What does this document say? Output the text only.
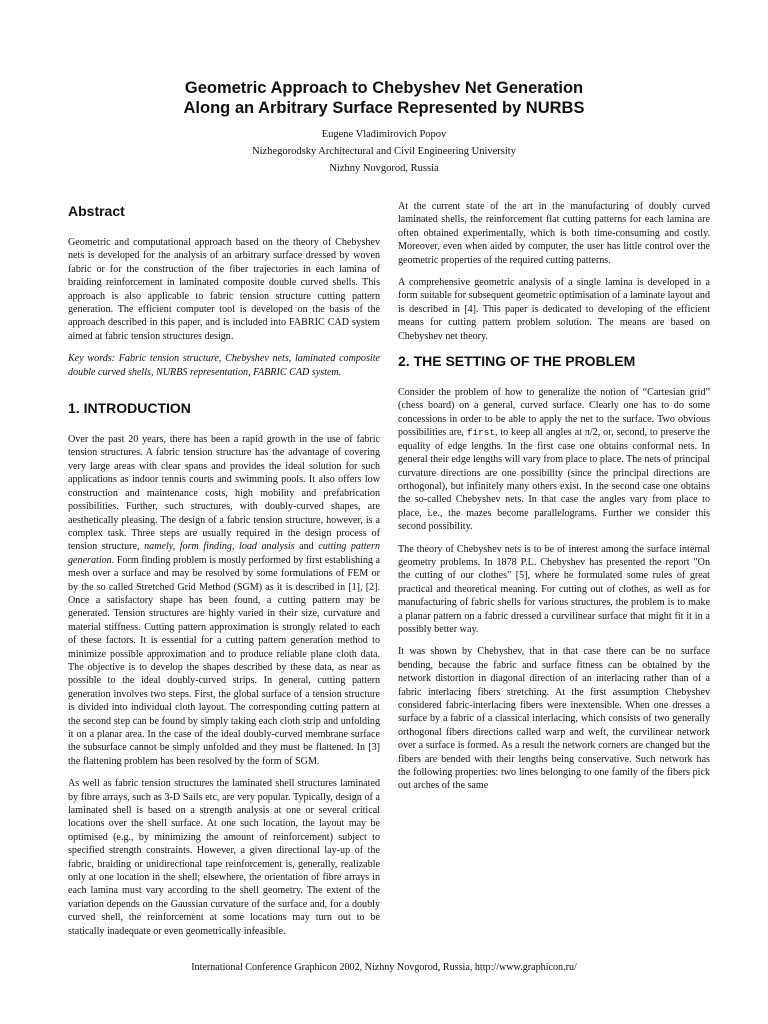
Geometric Approach to Chebyshev Net Generation
Along an Arbitrary Surface Represented by NURBS
Eugene Vladimirovich Popov
Nizhegorodsky Architectural and Civil Engineering University
Nizhny Novgorod, Russia
Abstract

Geometric and computational approach based on the theory of Chebyshev nets is developed for the analysis of an arbitrary surface dressed by woven fabric or for the construction of the fiber trajectories in each lamina of braiding reinforcement in laminated composite double curved shells. This approach is also applicable to fabric tension structure cutting pattern generation. The efficient computer tool is developed on the basis of the approach described in this paper, and is included into FABRIC CAD system aimed at fabric tension structures design.

Key words: Fabric tension structure, Chebyshev nets, laminated composite double curved shells, NURBS representation, FABRIC CAD system.

1. INTRODUCTION

Over the past 20 years, there has been a rapid growth in the use of fabric tension structures. A fabric tension structure has the advantage of covering very large areas with clear spans and provides the ideal solution for such applications as indoor tennis courts and swimming pools. It also offers low construction and maintenance costs, high mobility and prefabrication possibilities. Further, such structures, with doubly-curved shapes, are aesthetically pleasing. The design of a fabric tension structure, however, is a complex task. Three steps are usually required in the design process of tension structure, namely, form finding, load analysis and cutting pattern generation. Form finding problem is mostly performed by first establishing a mesh over a surface and may be resolved by some formulations of FEM or by the so called Stretched Grid Method (SGM) as it is described in [1], [2]. Once a satisfactory shape has been found, a cutting pattern may be generated. Tension structures are highly varied in their size, curvature and material stiffness. Cutting pattern approximation is strongly related to each of these factors. It is essential for a cutting pattern generation method to minimize possible approximation and to produce reliable plane cloth data. The objective is to develop the shapes described by these data, as near as possible to the ideal doubly-curved strips. In general, cutting pattern generation involves two steps. First, the global surface of a tension structure is divided into individual cloth layout. The corresponding cutting pattern at the second step can be found by simply taking each cloth strip and unfolding it on a planar area. In the case of the ideal doubly-curved membrane surface the subsurface cannot be simply unfolded and they must be flattened. In [3] the flattening problem has been resolved by the form of SGM.

As well as fabric tension structures the laminated shell structures laminated by fibre arrays, such as 3-D Sails etc, are very popular. Typically, design of a laminated shell is based on a strength analysis at one or several critical locations over the shell surface. At one such location, the layout may be optimised (e.g., by minimizing the amount of reinforcement) subject to specified strength constraints. However, a given directional lay-up of the fabric, braiding or unidirectional tape reinforcement is, generally, realizable only at one location in the shell; elsewhere, the orientation of fibre arrays in each lamina must vary according to the shell geometry. The extent of the variation depends on the Gaussian curvature of the surface and, for a doubly curved shell, the reinforcement at some locations may turn out to be statically inadequate or even geometrically infeasible.

At the current state of the art in the manufacturing of doubly curved laminated shells, the reinforcement flat cutting patterns for each lamina are often obtained experimentally, which is both time-consuming and costly. Moreover, even when aided by computer, the user has little control over the geometric properties of the required cutting patterns.

A comprehensive geometric analysis of a single lamina is developed in a form suitable for subsequent geometric optimisation of a laminate layout and is described in [4]. This paper is dedicated to developing of the efficient means for cutting pattern problem solution. The means are based on Chebyshev net theory.

2. THE SETTING OF THE PROBLEM

Consider the problem of how to generalize the notion of “Cartesian grid” (chess board) on a general, curved surface. Clearly one has to do some concessions in order to be able to apply the net to the surface. Two obvious possibilities are, first, to keep all angles at π/2, or, second, to preserve the equality of edge lengths. In the first case one obtains conformal nets. In general their edge lengths will vary from place to place. The nets of principal curvature directions are one possibility (since the principal directions are orthogonal), but infinitely many others exist. In the second case one obtains the so-called Chebyshev nets. In that case the angles vary from place to place, i.e., the mazes become parallelograms. Further we consider this second possibility.

The theory of Chebyshev nets is to be of interest among the surface internal geometry problems. In 1878 P.L. Chebyshev has presented the report "On the cutting of our clothes" [5], where he formulated some rules of great practical and theoretical meaning. For cutting out of clothes, as well as for manufacturing of fabric shells for various structures, the problem is to make a planar pattern on a fabric dressed a curvilinear surface that might fit it in a possibly better way.

It was shown by Chebyshev, that in that case there can be no surface bending, because the fabric and surface fitness can be obtained by the network distortion in diagonal direction of an interlacing rather than of a fabric interlacing fibers stretching. At the first assumption Chebyshev considered fabric-interlacing fibers were inextensible. When one dresses a surface by a fabric of a classical interlacing, which consists of two generally orthogonal fibers directions called warp and weft, the curvilinear network over a surface is formed. As a result the network corners are changed but the fibers are bended with their lengths being conservative. Such network has the following properties: two lines belonging to one family of the fibers pick out arches of the same

International Conference Graphicon 2002, Nizhny Novgorod, Russia, http://www.graphicon.ru/
